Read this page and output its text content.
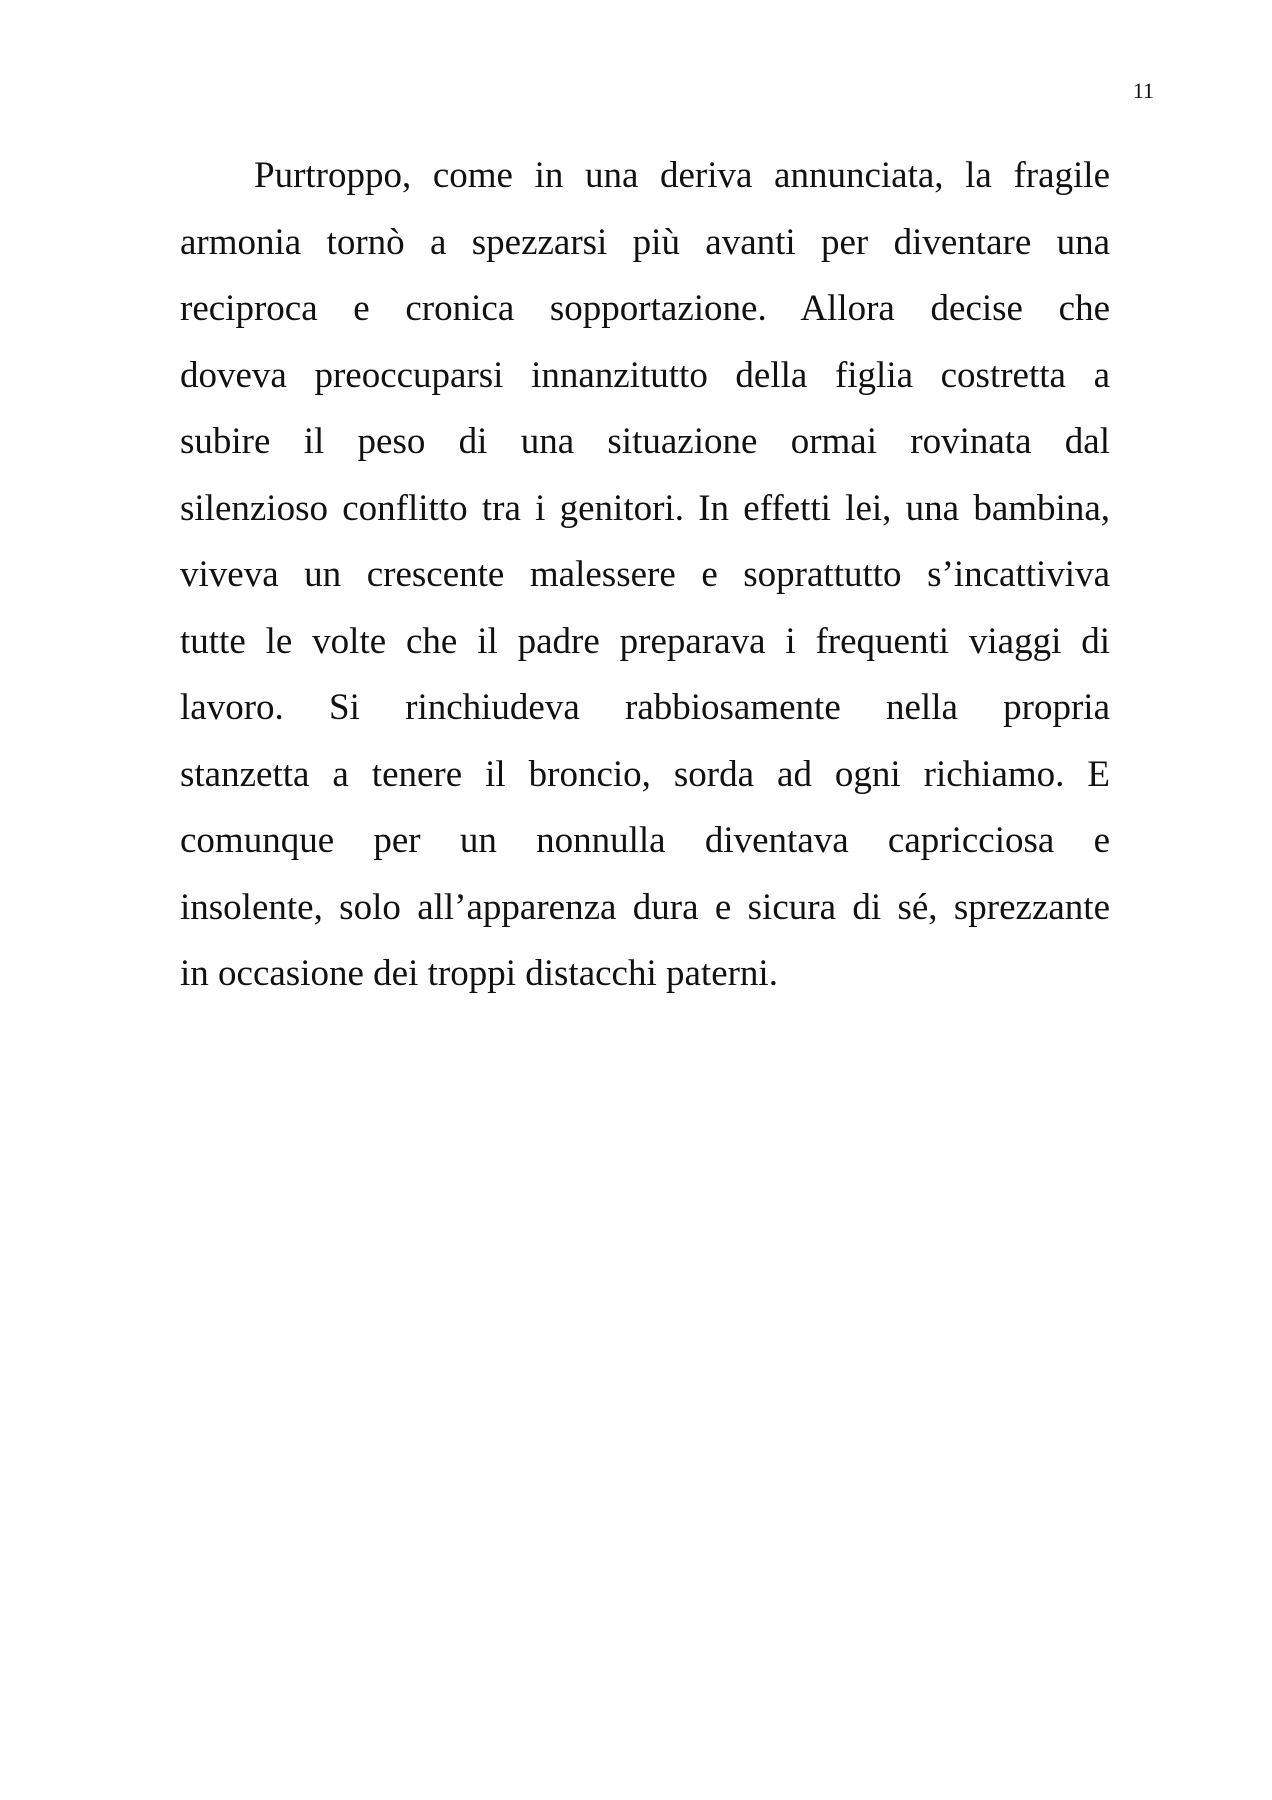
11
Purtroppo, come in una deriva annunciata, la fragile
armonia tornò a spezzarsi più avanti per diventare una
reciproca e cronica sopportazione. Allora decise che
doveva preoccuparsi innanzitutto della figlia costretta a
subire il peso di una situazione ormai rovinata dal
silenzioso conflitto tra i genitori. In effetti lei, una bambina,
viveva un crescente malessere e soprattutto s’incattiviva
tutte le volte che il padre preparava i frequenti viaggi di
lavoro. Si rinchiudeva rabbiosamente nella propria
stanzetta a tenere il broncio, sorda ad ogni richiamo. E
comunque per un nonnulla diventava capricciosa e
insolente, solo all’apparenza dura e sicura di sé, sprezzante
in occasione dei troppi distacchi paterni.
